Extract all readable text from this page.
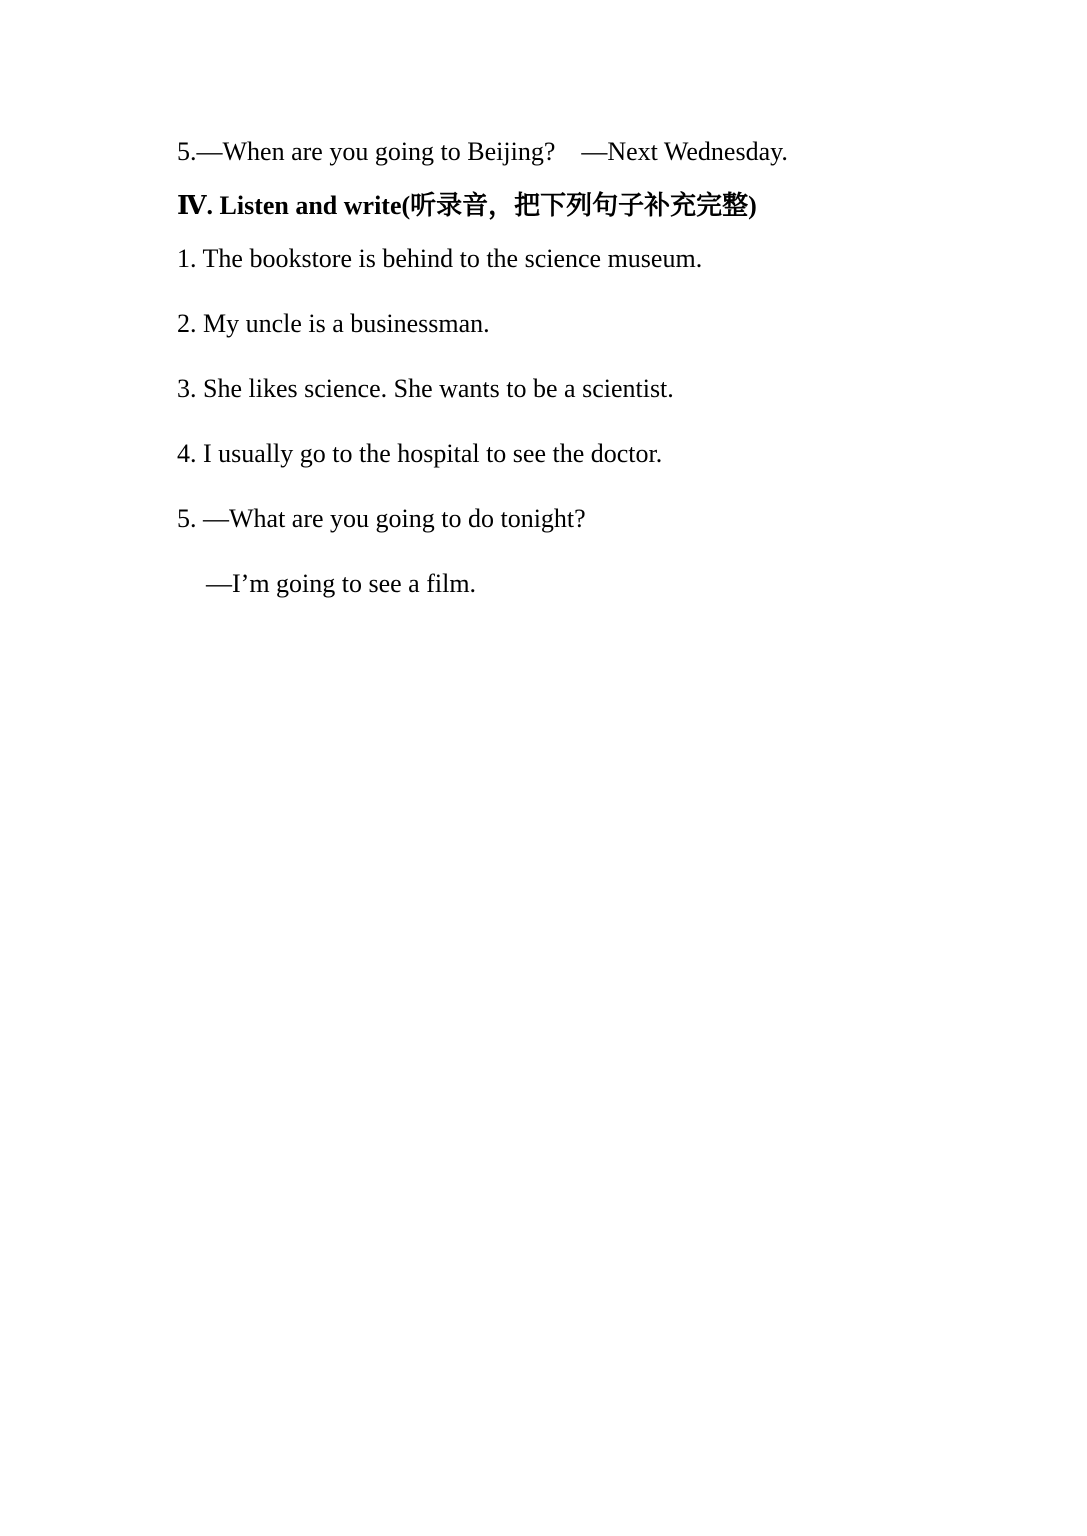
5.—When are you going to Beijing?    —Next Wednesday.
Ⅳ. Listen and write(听录音，把下列句子补充完整)
1. The bookstore is behind to the science museum.
2. My uncle is a businessman.
3. She likes science. She wants to be a scientist.
4. I usually go to the hospital to see the doctor.
5. —What are you going to do tonight?
—I’m going to see a film.
